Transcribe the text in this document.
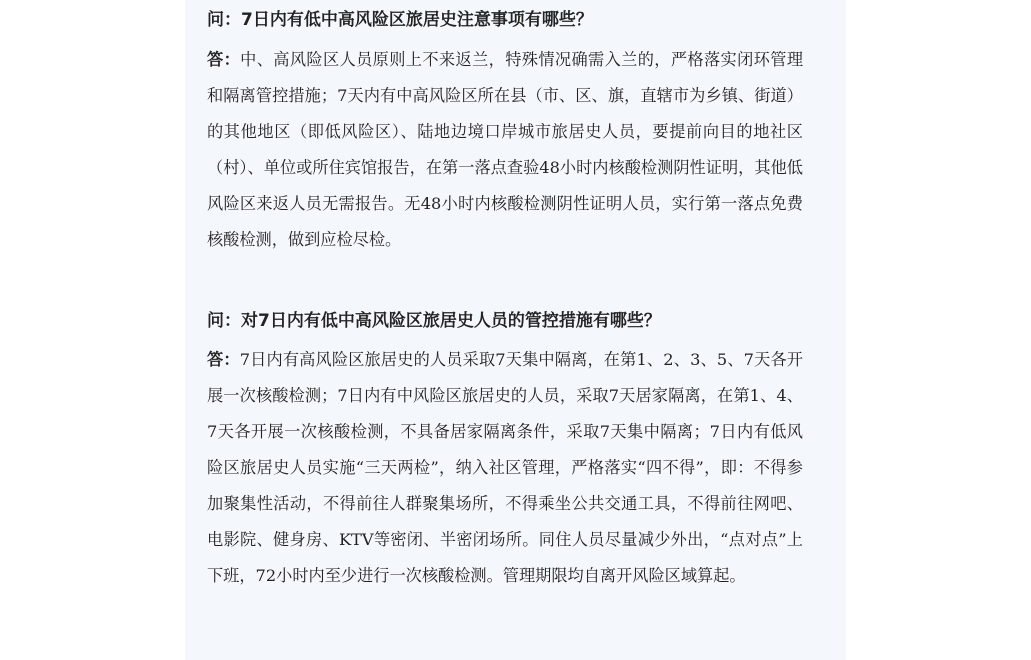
问：7日内有低中高风险区旅居史注意事项有哪些？

答：中、高风险区人员原则上不来返兰，特殊情况确需入兰的，严格落实闭环管理和隔离管控措施；7天内有中高风险区所在县（市、区、旗，直辖市为乡镇、街道）的其他地区（即低风险区）、陆地边境口岸城市旅居史人员，要提前向目的地社区（村）、单位或所住宾馆报告，在第一落点查验48小时内核酸检测阴性证明，其他低风险区来返人员无需报告。无48小时内核酸检测阴性证明人员，实行第一落点免费核酸检测，做到应检尽检。

问：对7日内有低中高风险区旅居史人员的管控措施有哪些？

答：7日内有高风险区旅居史的人员采取7天集中隔离，在第1、2、3、5、7天各开展一次核酸检测；7日内有中风险区旅居史的人员，采取7天居家隔离，在第1、4、7天各开展一次核酸检测，不具备居家隔离条件，采取7天集中隔离；7日内有低风险区旅居史人员实施“三天两检”，纳入社区管理，严格落实“四不得”，即：不得参加聚集性活动，不得前往人群聚集场所，不得乘坐公共交通工具，不得前往网吧、电影院、健身房、KTV等密闭、半密闭场所。同住人员尽量减少外出，“点对点”上下班，72小时内至少进行一次核酸检测。管理期限均自离开风险区域算起。
